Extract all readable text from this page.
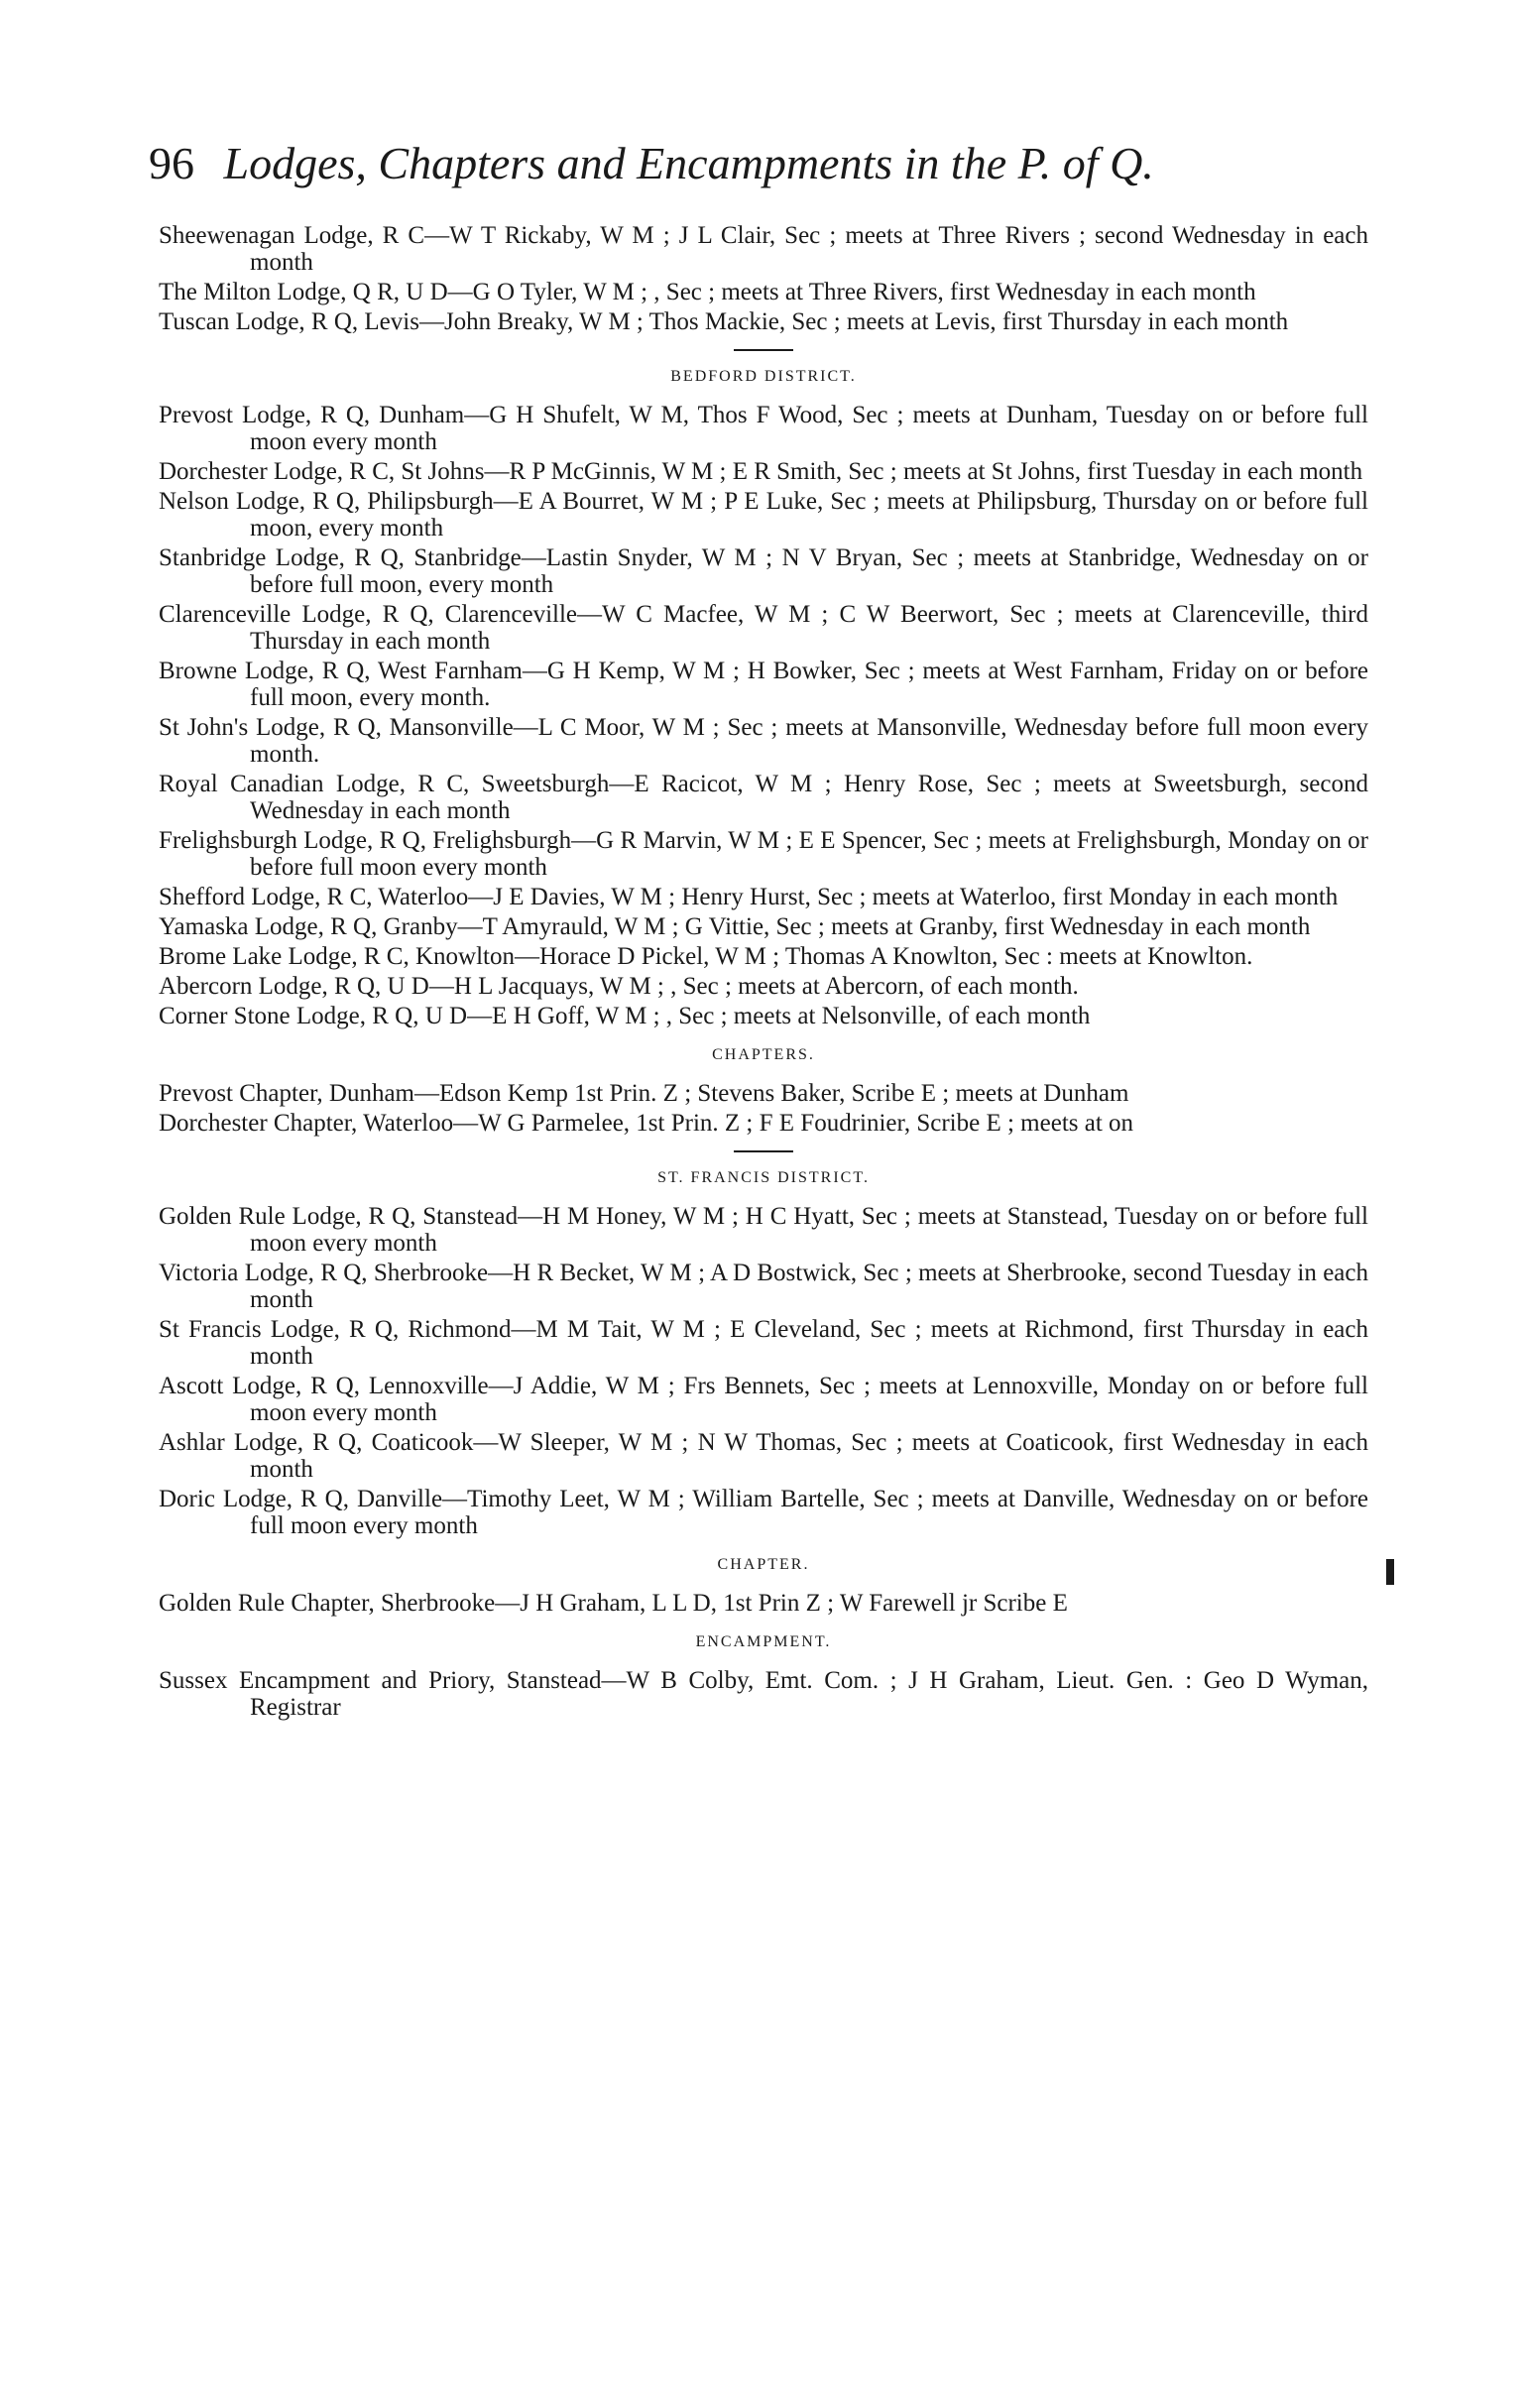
96 Lodges, Chapters and Encampments in the P. of Q.

Sheewenagan Lodge, R C—W T Rickaby, W M ; J L Clair, Sec ; meets at Three Rivers ; second Wednesday in each month

The Milton Lodge, Q R, U D—G O Tyler, W M ; , Sec ; meets at Three Rivers, first Wednesday in each month

Tuscan Lodge, R Q, Levis—John Breaky, W M ; Thos Mackie, Sec ; meets at Levis, first Thursday in each month

BEDFORD DISTRICT.

Prevost Lodge, R Q, Dunham—G H Shufelt, W M, Thos F Wood, Sec ; meets at Dunham, Tuesday on or before full moon every month

Dorchester Lodge, R C, St Johns—R P McGinnis, W M ; E R Smith, Sec ; meets at St Johns, first Tuesday in each month

Nelson Lodge, R Q, Philipsburgh—E A Bourret, W M ; P E Luke, Sec ; meets at Philipsburg, Thursday on or before full moon, every month

Stanbridge Lodge, R Q, Stanbridge—Lastin Snyder, W M ; N V Bryan, Sec ; meets at Stanbridge, Wednesday on or before full moon, every month

Clarenceville Lodge, R Q, Clarenceville—W C Macfee, W M ; C W Beerwort, Sec ; meets at Clarenceville, third Thursday in each month

Browne Lodge, R Q, West Farnham—G H Kemp, W M ; H Bowker, Sec ; meets at West Farnham, Friday on or before full moon, every month.

St John's Lodge, R Q, Mansonville—L C Moor, W M ; Sec ; meets at Mansonville, Wednesday before full moon every month.

Royal Canadian Lodge, R C, Sweetsburgh—E Racicot, W M ; Henry Rose, Sec ; meets at Sweetsburgh, second Wednesday in each month

Frelighsburgh Lodge, R Q, Frelighsburgh—G R Marvin, W M ; E E Spencer, Sec ; meets at Frelighsburgh, Monday on or before full moon every month

Shefford Lodge, R C, Waterloo—J E Davies, W M ; Henry Hurst, Sec ; meets at Waterloo, first Monday in each month

Yamaska Lodge, R Q, Granby—T Amyrauld, W M ; G Vittie, Sec ; meets at Granby, first Wednesday in each month

Brome Lake Lodge, R C, Knowlton—Horace D Pickel, W M ; Thomas A Knowlton, Sec : meets at Knowlton.

Abercorn Lodge, R Q, U D—H L Jacquays, W M ; , Sec ; meets at Abercorn, of each month.

Corner Stone Lodge, R Q, U D—E H Goff, W M ; , Sec ; meets at Nelsonville, of each month

CHAPTERS.

Prevost Chapter, Dunham—Edson Kemp 1st Prin. Z ; Stevens Baker, Scribe E ; meets at Dunham

Dorchester Chapter, Waterloo—W G Parmelee, 1st Prin. Z ; F E Foudrinier, Scribe E ; meets at on

ST. FRANCIS DISTRICT.

Golden Rule Lodge, R Q, Stanstead—H M Honey, W M ; H C Hyatt, Sec ; meets at Stanstead, Tuesday on or before full moon every month

Victoria Lodge, R Q, Sherbrooke—H R Becket, W M ; A D Bostwick, Sec ; meets at Sherbrooke, second Tuesday in each month

St Francis Lodge, R Q, Richmond—M M Tait, W M ; E Cleveland, Sec ; meets at Richmond, first Thursday in each month

Ascott Lodge, R Q, Lennoxville—J Addie, W M ; Frs Bennets, Sec ; meets at Lennoxville, Monday on or before full moon every month

Ashlar Lodge, R Q, Coaticook—W Sleeper, W M ; N W Thomas, Sec ; meets at Coaticook, first Wednesday in each month

Doric Lodge, R Q, Danville—Timothy Leet, W M ; William Bartelle, Sec ; meets at Danville, Wednesday on or before full moon every month

CHAPTER.

Golden Rule Chapter, Sherbrooke—J H Graham, L L D, 1st Prin Z ; W Farewell jr Scribe E

ENCAMPMENT.

Sussex Encampment and Priory, Stanstead—W B Colby, Emt. Com. ; J H Graham, Lieut. Gen. : Geo D Wyman, Registrar
